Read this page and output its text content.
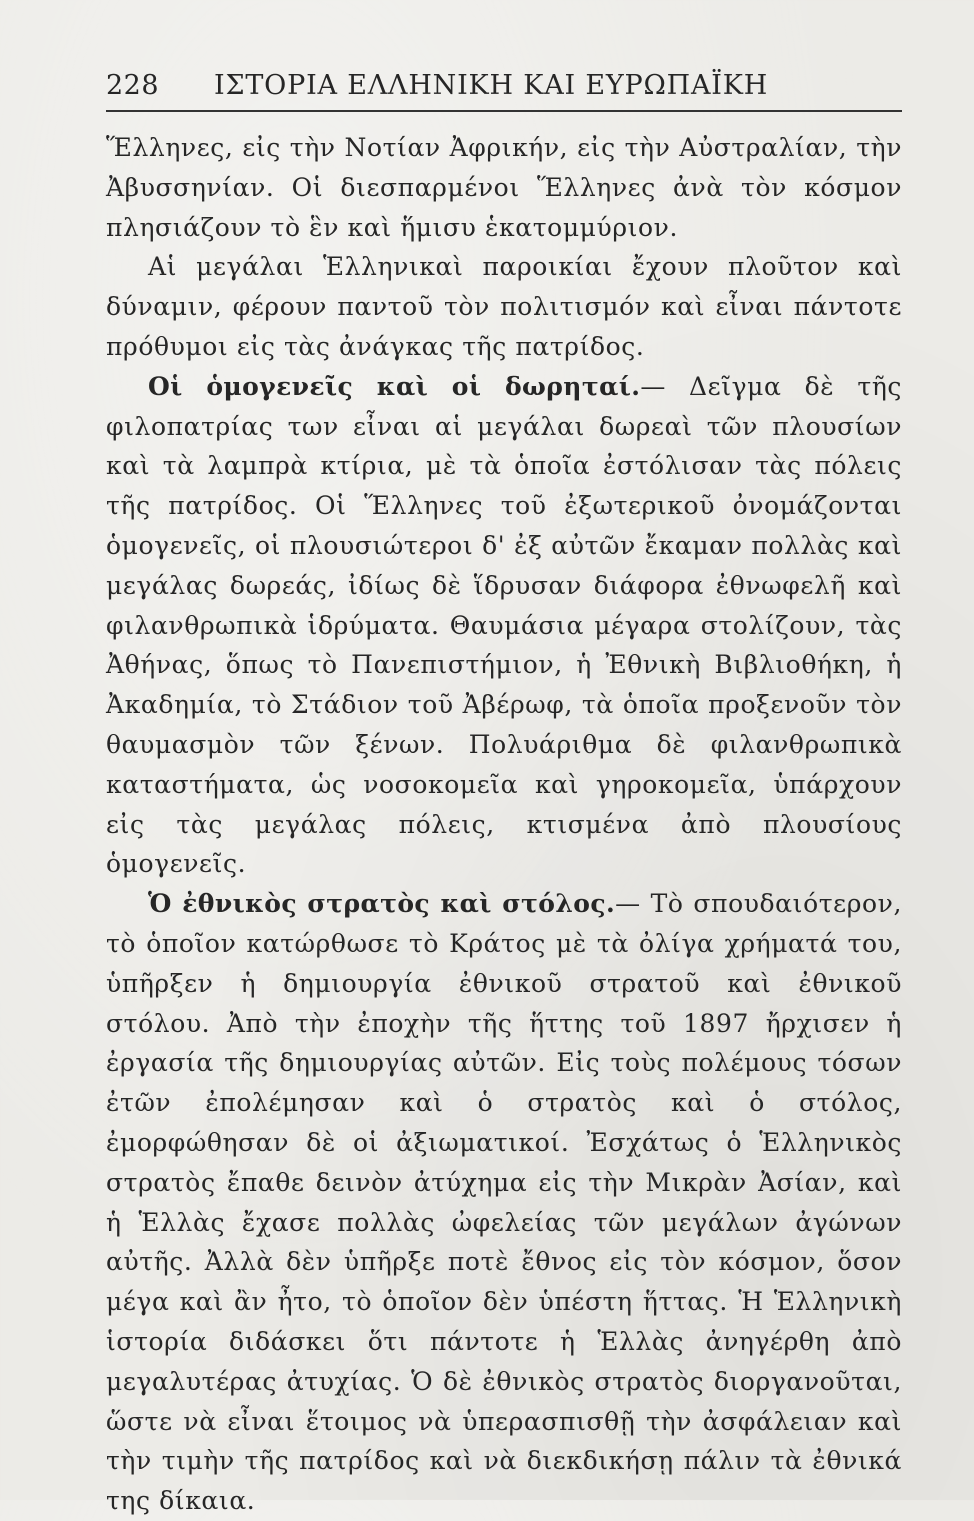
228 ΙΣΤΟΡΙΑ ΕΛΛΗΝΙΚΗ ΚΑΙ ΕΥΡΩΠΑΪΚΗ

Ἕλληνες, εἰς τὴν Νοτίαν Ἀφρικήν, εἰς τὴν Αὐστραλίαν, τὴν Ἀβυσσηνίαν. Οἱ διεσπαρμένοι Ἕλληνες ἀνὰ τὸν κόσμον πλησιάζουν τὸ ἓν καὶ ἥμισυ ἑκατομμύριον.

Αἱ μεγάλαι Ἑλληνικαὶ παροικίαι ἔχουν πλοῦτον καὶ δύναμιν, φέρουν παντοῦ τὸν πολιτισμόν καὶ εἶναι πάντοτε πρόθυμοι εἰς τὰς ἀνάγκας τῆς πατρίδος.

Οἱ ὁμογενεῖς καὶ οἱ δωρηταί.— Δεῖγμα δὲ τῆς φιλοπατρίας των εἶναι αἱ μεγάλαι δωρεαὶ τῶν πλουσίων καὶ τὰ λαμπρὰ κτίρια, μὲ τὰ ὁποῖα ἐστόλισαν τὰς πόλεις τῆς πατρίδος. Οἱ Ἕλληνες τοῦ ἐξωτερικοῦ ὀνομάζονται ὁμογενεῖς, οἱ πλουσιώτεροι δ' ἐξ αὐτῶν ἔκαμαν πολλὰς καὶ μεγάλας δωρεάς, ἰδίως δὲ ἵδρυσαν διάφορα ἐθνωφελῆ καὶ φιλανθρωπικὰ ἱδρύματα. Θαυμάσια μέγαρα στολίζουν, τὰς Ἀθήνας, ὅπως τὸ Πανεπιστήμιον, ἡ Ἐθνικὴ Βιβλιοθήκη, ἡ Ἀκαδημία, τὸ Στάδιον τοῦ Ἀβέρωφ, τὰ ὁποῖα προξενοῦν τὸν θαυμασμὸν τῶν ξένων. Πολυάριθμα δὲ φιλανθρωπικὰ καταστήματα, ὡς νοσοκομεῖα καὶ γηροκομεῖα, ὑπάρχουν εἰς τὰς μεγάλας πόλεις, κτισμένα ἀπὸ πλουσίους ὁμογενεῖς.

Ὁ ἐθνικὸς στρατὸς καὶ στόλος.— Τὸ σπουδαιότερον, τὸ ὁποῖον κατώρθωσε τὸ Κράτος μὲ τὰ ὀλίγα χρήματά του, ὑπῆρξεν ἡ δημιουργία ἐθνικοῦ στρατοῦ καὶ ἐθνικοῦ στόλου. Ἀπὸ τὴν ἐποχὴν τῆς ἥττης τοῦ 1897 ἤρχισεν ἡ ἐργασία τῆς δημιουργίας αὐτῶν. Εἰς τοὺς πολέμους τόσων ἐτῶν ἐπολέμησαν καὶ ὁ στρατὸς καὶ ὁ στόλος, ἐμορφώθησαν δὲ οἱ ἀξιωματικοί. Ἐσχάτως ὁ Ἑλληνικὸς στρατὸς ἔπαθε δεινὸν ἀτύχημα εἰς τὴν Μικρὰν Ἀσίαν, καὶ ἡ Ἑλλὰς ἔχασε πολλὰς ὠφελείας τῶν μεγάλων ἀγώνων αὐτῆς. Ἀλλὰ δὲν ὑπῆρξε ποτὲ ἔθνος εἰς τὸν κόσμον, ὅσον μέγα καὶ ἂν ἦτο, τὸ ὁποῖον δὲν ὑπέστη ἥττας. Ἡ Ἑλληνικὴ ἱστορία διδάσκει ὅτι πάντοτε ἡ Ἑλλὰς ἀνηγέρθη ἀπὸ μεγαλυτέρας ἀτυχίας. Ὁ δὲ ἐθνικὸς στρατὸς διοργανοῦται, ὥστε νὰ εἶναι ἕτοιμος νὰ ὑπερασπισθῇ τὴν ἀσφάλειαν καὶ τὴν τιμὴν τῆς πατρίδος καὶ νὰ διεκδικήσῃ πάλιν τὰ ἐθνικά της δίκαια.
